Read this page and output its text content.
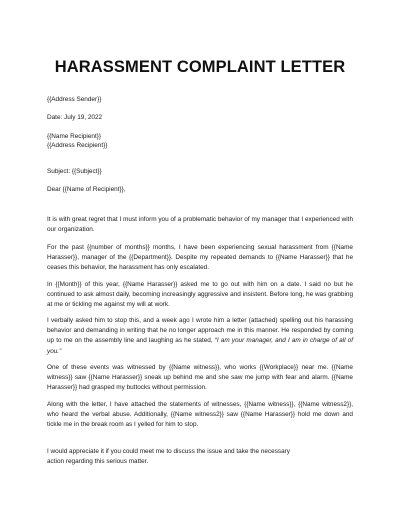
HARASSMENT COMPLAINT LETTER

{{Address Sender}}

Date: July 19, 2022

{{Name Recipient}}

{{Address Recipient}}

Subject: {{Subject}}

Dear {{Name of Recipient}},

It is with great regret that I must inform you of a problematic behavior of my manager that I experienced with our organization.

For the past {{number of months}} months, I have been experiencing sexual harassment from {{Name Harasser}}, manager of the {{Department}}. Despite my repeated demands to {{Name Harasser}} that he ceases this behavior, the harassment has only escalated.

In {{Month}} of this year, {{Name Harasser}} asked me to go out with him on a date. I said no but he continued to ask almost daily, becoming increasingly aggressive and insistent. Before long, he was grabbing at me or tickling me against my will at work.

I verbally asked him to stop this, and a week ago I wrote him a letter (attached) spelling out his harassing behavior and demanding in writing that he no longer approach me in this manner. He responded by coming up to me on the assembly line and laughing as he stated, “I am your manager, and I am in charge of all of you.”

One of these events was witnessed by {{Name witness}}, who works {{Workplace}} near me. {{Name witness}} saw {{Name Harasser}} sneak up behind me and she saw me jump with fear and alarm. {{Name Harasser}} had grasped my buttocks without permission.

Along with the letter, I have attached the statements of witnesses, {{Name witness}}, {{Name witness2}}, who heard the verbal abuse. Additionally, {{Name witness2}} saw {{Name Harasser}} hold me down and tickle me in the break room as I yelled for him to stop.

I would appreciate it if you could meet me to discuss the issue and take the necessary
action regarding this serious matter.
